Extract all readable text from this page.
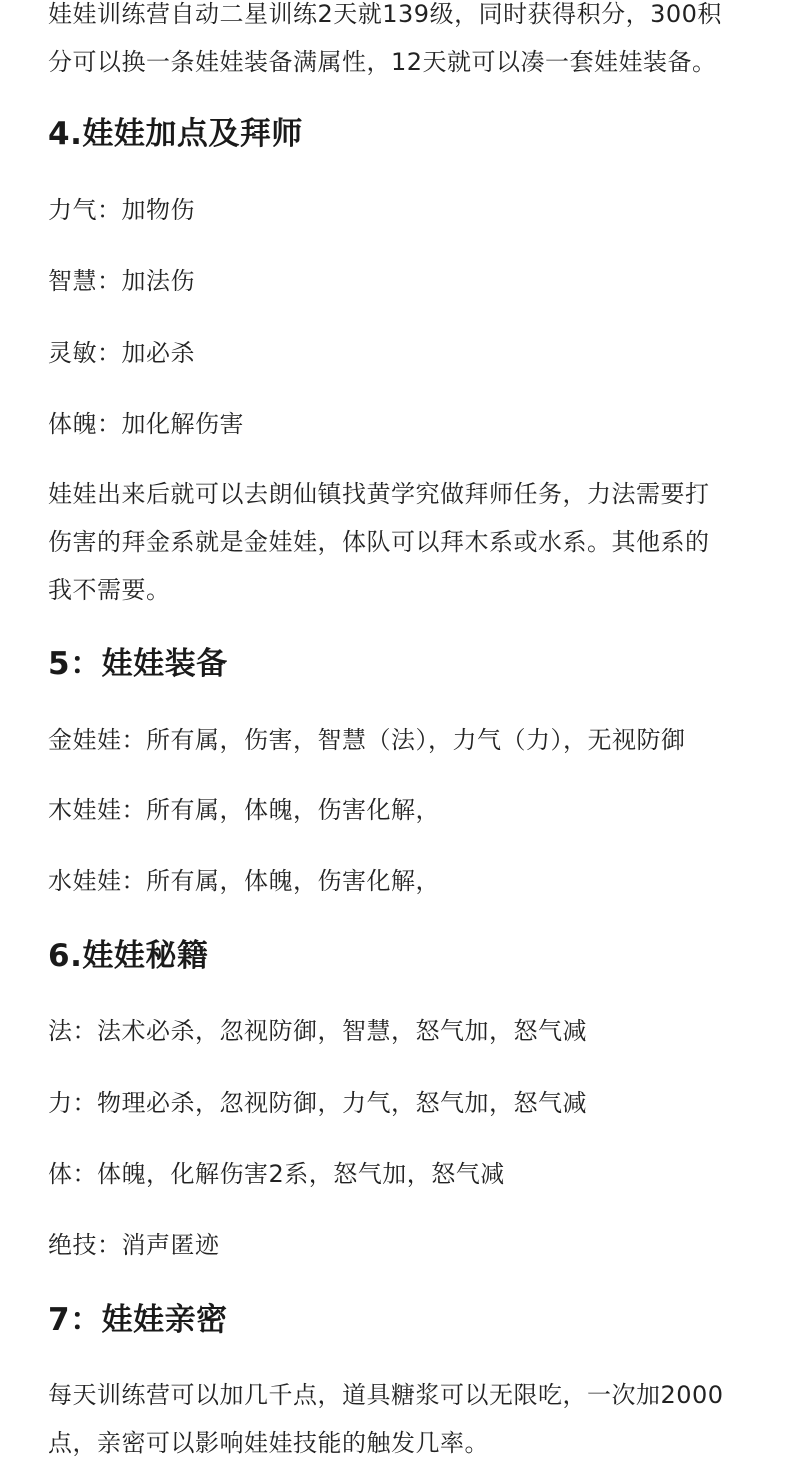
娃娃训练营自动二星训练2天就139级，同时获得积分，300积
分可以换一条娃娃装备满属性，12天就可以凑一套娃娃装备。

4.娃娃加点及拜师

力气：加物伤

智慧：加法伤

灵敏：加必杀

体魄：加化解伤害

娃娃出来后就可以去朗仙镇找黄学究做拜师任务，力法需要打
伤害的拜金系就是金娃娃，体队可以拜木系或水系。其他系的
我不需要。

5：娃娃装备

金娃娃：所有属，伤害，智慧（法），力气（力），无视防御

木娃娃：所有属，体魄，伤害化解，

水娃娃：所有属，体魄，伤害化解，

6.娃娃秘籍

法：法术必杀，忽视防御，智慧，怒气加，怒气减

力：物理必杀，忽视防御，力气，怒气加，怒气减

体：体魄，化解伤害2系，怒气加，怒气减

绝技：消声匿迹

7：娃娃亲密

每天训练营可以加几千点，道具糖浆可以无限吃，一次加2000
点，亲密可以影响娃娃技能的触发几率。
